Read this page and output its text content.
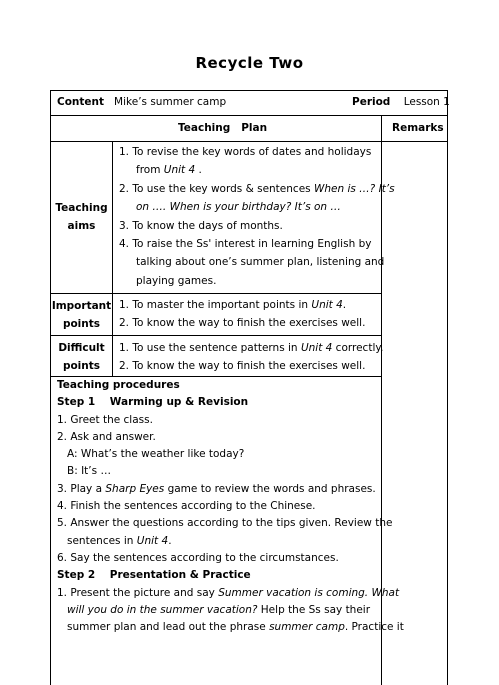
Recycle Two
Content Mike’s summer camp	Period Lesson 1
Teaching   Plan	Remarks
Teaching
aims
1. To revise the key words of dates and holidays
from Unit 4 .
2. To use the key words & sentences When is …? It’s
on …. When is your birthday? It’s on …
3. To know the days of months.
4. To raise the Ss' interest in learning English by
talking about one’s summer plan, listening and
playing games.
Important
points
1. To master the important points in Unit 4.
2. To know the way to finish the exercises well.
Difficult
points
1. To use the sentence patterns in Unit 4 correctly.
2. To know the way to finish the exercises well.
Teaching procedures
Step 1    Warming up & Revision
1. Greet the class.
2. Ask and answer.
A: What’s the weather like today?
B: It’s …
3. Play a Sharp Eyes game to review the words and phrases.
4. Finish the sentences according to the Chinese.
5. Answer the questions according to the tips given. Review the
sentences in Unit 4.
6. Say the sentences according to the circumstances.
Step 2    Presentation & Practice
1. Present the picture and say Summer vacation is coming. What
will you do in the summer vacation? Help the Ss say their
summer plan and lead out the phrase summer camp. Practice it
